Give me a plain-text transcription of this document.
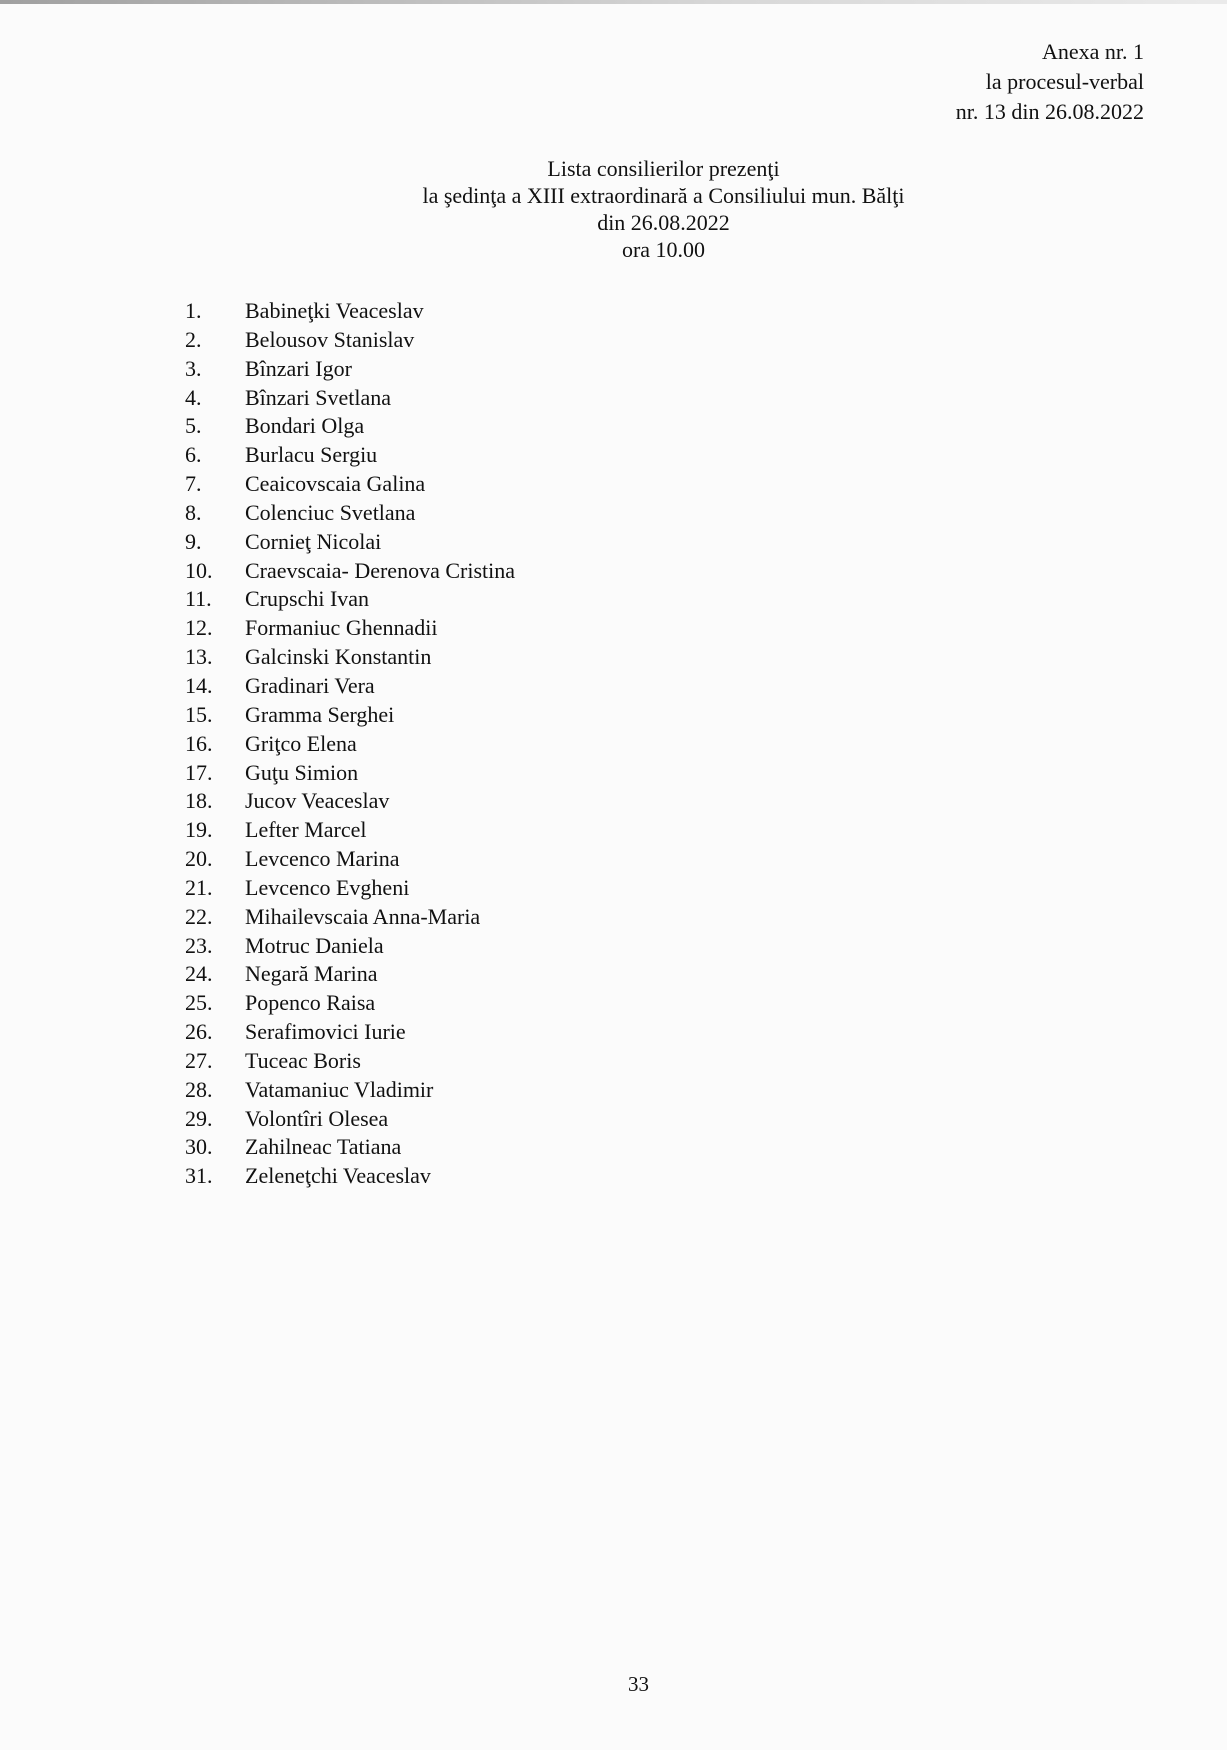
Anexa nr. 1
la procesul-verbal
nr. 13 din 26.08.2022
Lista consilierilor prezenţi
la şedinţa a XIII extraordinară a Consiliului mun. Bălţi
din 26.08.2022
ora 10.00
1. Babineţki Veaceslav
2. Belousov Stanislav
3. Bînzari Igor
4. Bînzari Svetlana
5. Bondari Olga
6. Burlacu Sergiu
7. Ceaicovscaia Galina
8. Colenciuc Svetlana
9. Cornieţ Nicolai
10. Craevscaia- Derenova Cristina
11. Crupschi Ivan
12. Formaniuc Ghennadii
13. Galcinski Konstantin
14. Gradinari Vera
15. Gramma Serghei
16. Griţco Elena
17. Guţu Simion
18. Jucov Veaceslav
19. Lefter Marcel
20. Levcenco Marina
21. Levcenco Evgheni
22. Mihailevscaia Anna-Maria
23. Motruc Daniela
24. Negară Marina
25. Popenco Raisa
26. Serafimovici Iurie
27. Tuceac Boris
28. Vatamaniuc Vladimir
29. Volontîri Olesea
30. Zahilneac Tatiana
31. Zeleneţchi Veaceslav
33
